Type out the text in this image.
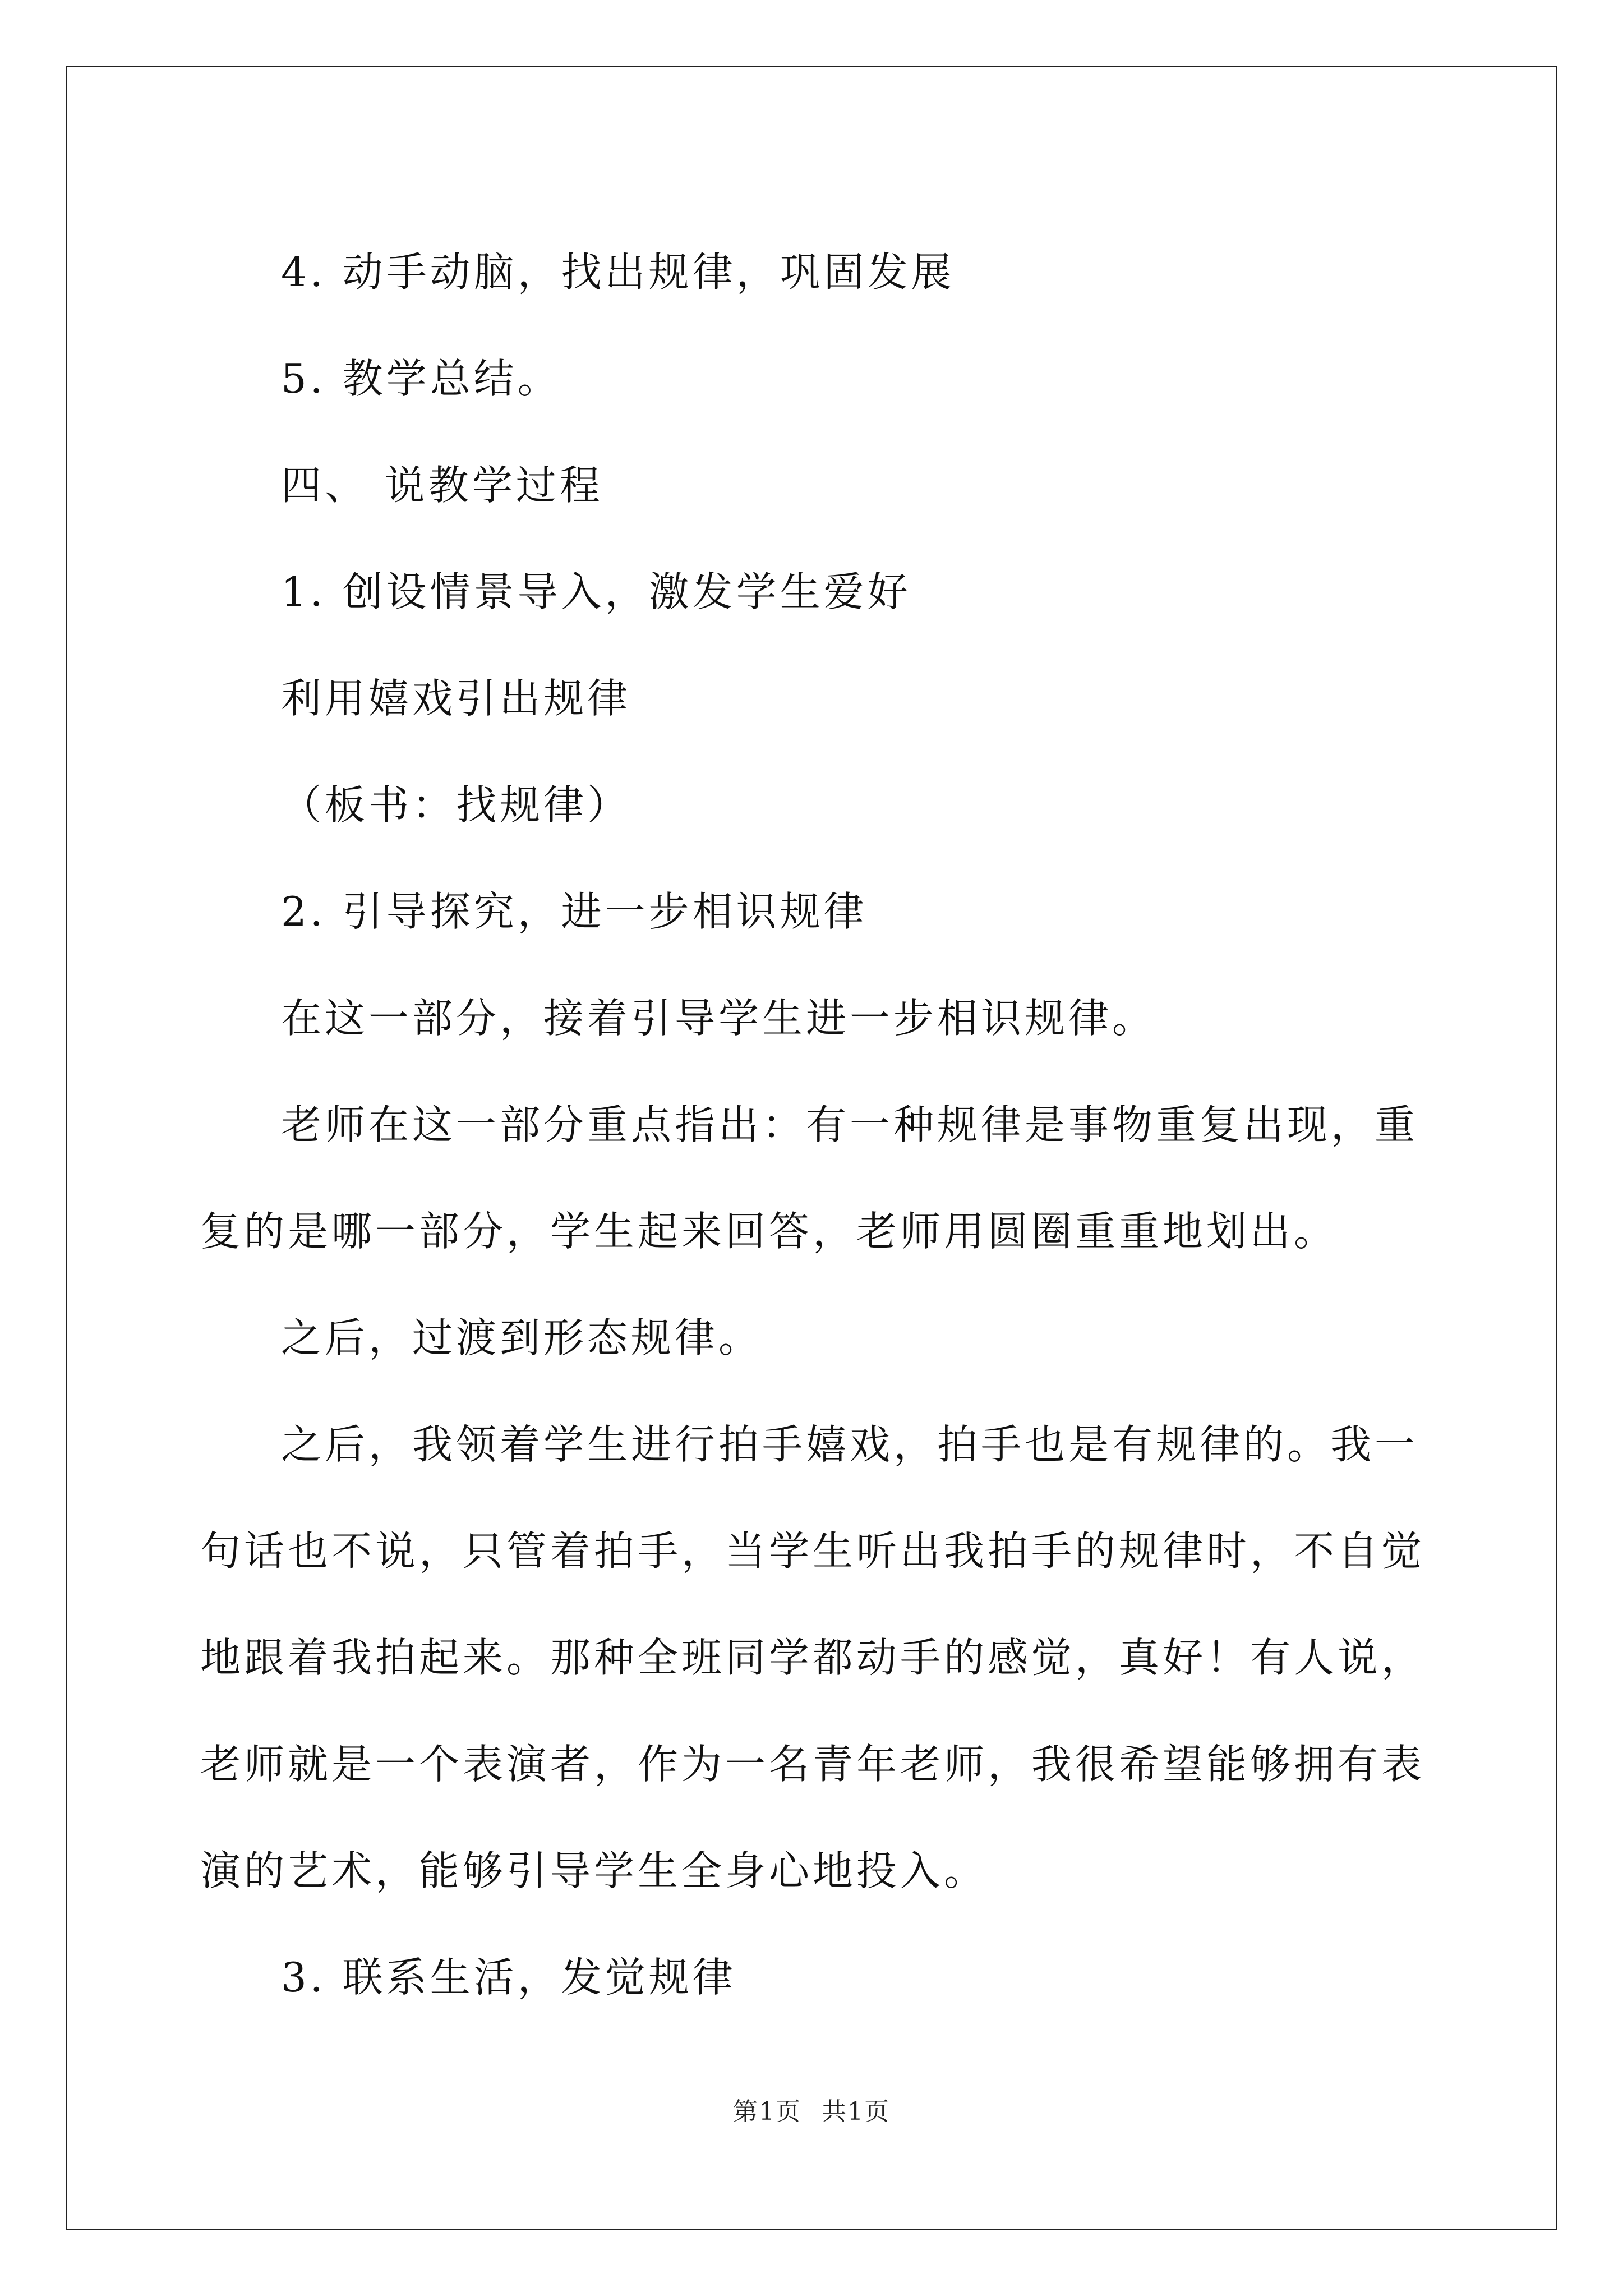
4. 动手动脑，找出规律，巩固发展

5. 教学总结。

四、 说教学过程

1. 创设情景导入，激发学生爱好

利用嬉戏引出规律

（板书：找规律）

2. 引导探究，进一步相识规律

在这一部分，接着引导学生进一步相识规律。

老师在这一部分重点指出：有一种规律是事物重复出现，重复的是哪一部分，学生起来回答，老师用圆圈重重地划出。

之后，过渡到形态规律。

之后，我领着学生进行拍手嬉戏，拍手也是有规律的。我一句话也不说，只管着拍手，当学生听出我拍手的规律时，不自觉地跟着我拍起来。那种全班同学都动手的感觉，真好！有人说，老师就是一个表演者，作为一名青年老师，我很希望能够拥有表演的艺术，能够引导学生全身心地投入。

3. 联系生活，发觉规律

第1页 共1页
